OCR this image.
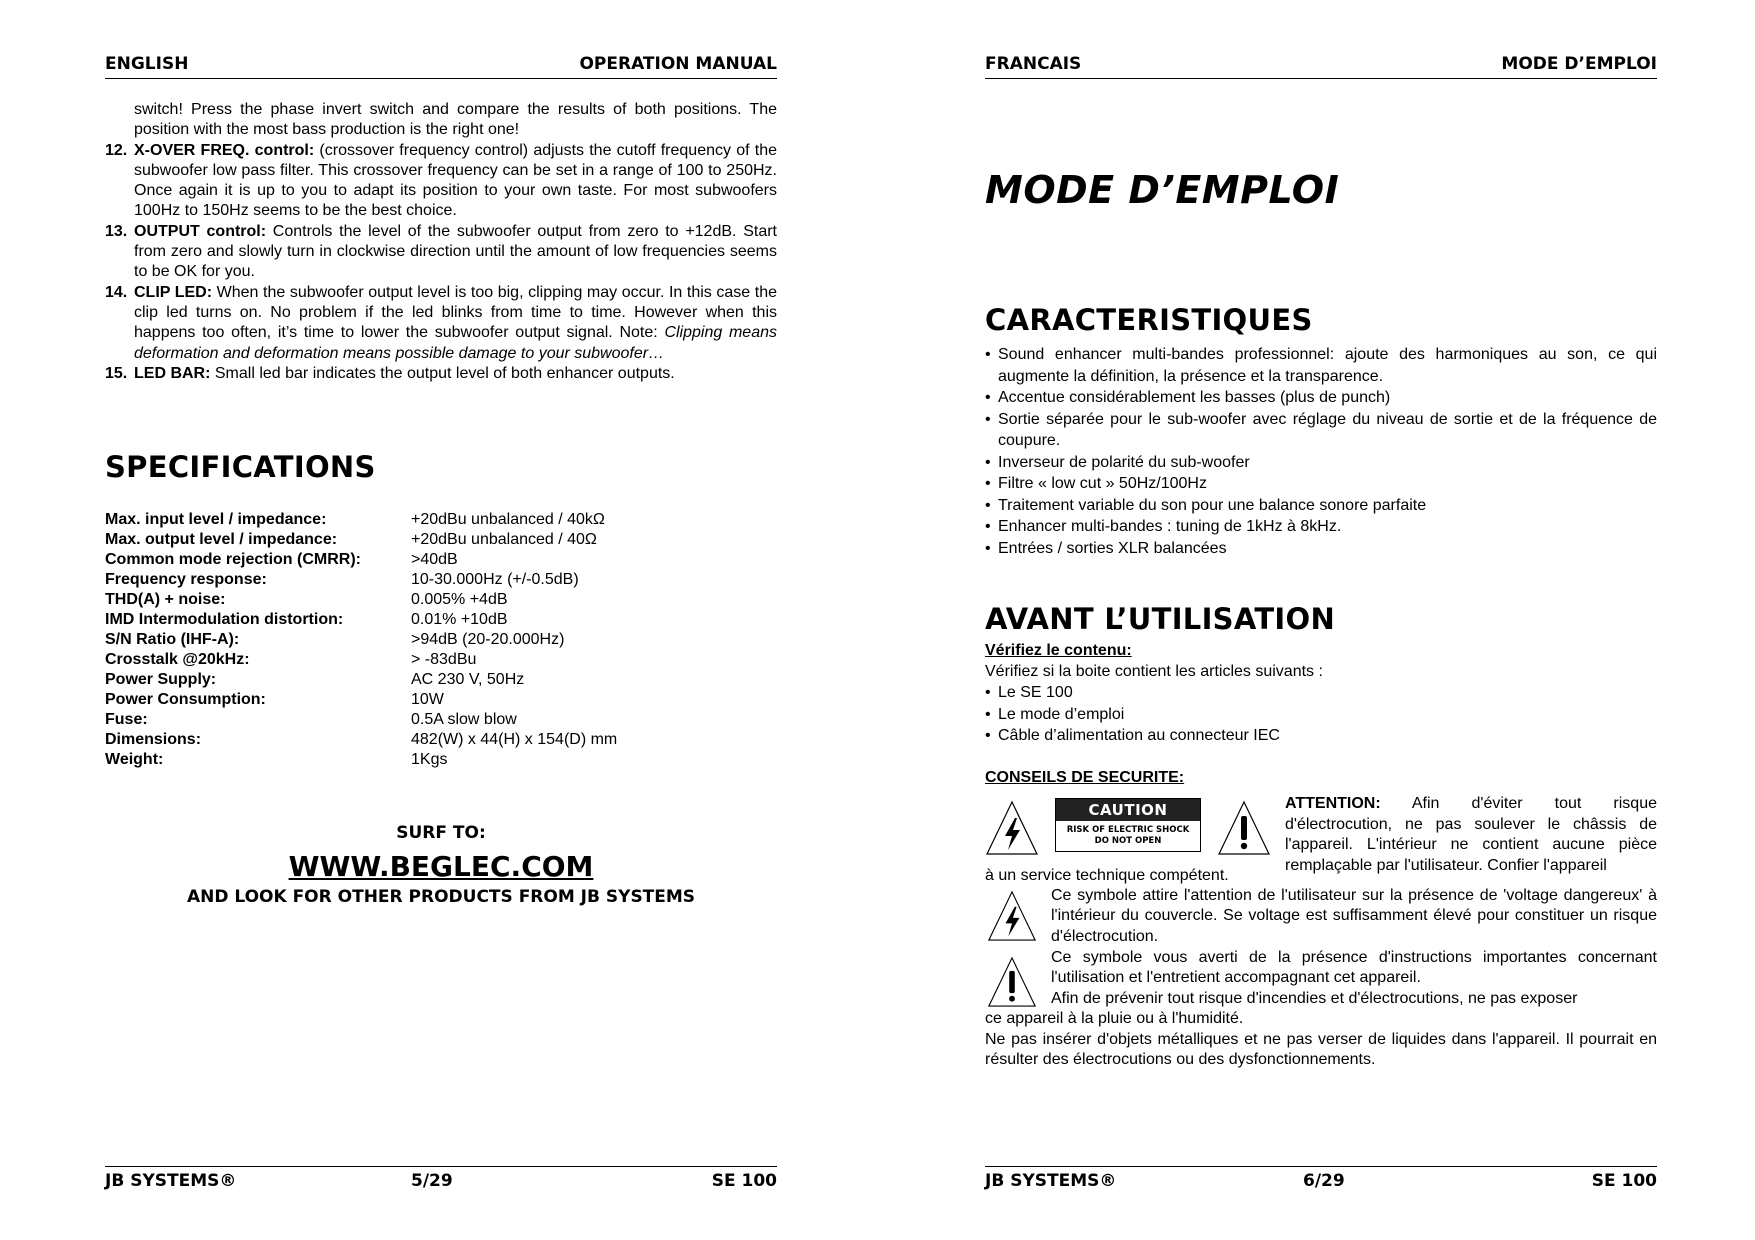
ENGLISH	OPERATION MANUAL
switch! Press the phase invert switch and compare the results of both positions. The position with the most bass production is the right one!
12. X-OVER FREQ. control: (crossover frequency control) adjusts the cutoff frequency of the subwoofer low pass filter. This crossover frequency can be set in a range of 100 to 250Hz. Once again it is up to you to adapt its position to your own taste. For most subwoofers 100Hz to 150Hz seems to be the best choice.
13. OUTPUT control: Controls the level of the subwoofer output from zero to +12dB. Start from zero and slowly turn in clockwise direction until the amount of low frequencies seems to be OK for you.
14. CLIP LED: When the subwoofer output level is too big, clipping may occur. In this case the clip led turns on. No problem if the led blinks from time to time. However when this happens too often, it’s time to lower the subwoofer output signal. Note: Clipping means deformation and deformation means possible damage to your subwoofer…
15. LED BAR: Small led bar indicates the output level of both enhancer outputs.
SPECIFICATIONS
Max. input level / impedance:	+20dBu unbalanced / 40kΩ
Max. output level / impedance:	+20dBu unbalanced / 40Ω
Common mode rejection (CMRR):	>40dB
Frequency response:	10-30.000Hz (+/-0.5dB)
THD(A) + noise:	0.005% +4dB
IMD Intermodulation distortion:	0.01% +10dB
S/N Ratio (IHF-A):	>94dB (20-20.000Hz)
Crosstalk @20kHz:	> -83dBu
Power Supply:	AC 230 V, 50Hz
Power Consumption:	10W
Fuse:	0.5A slow blow
Dimensions:	482(W) x 44(H) x 154(D) mm
Weight:	1Kgs
SURF TO:
WWW.BEGLEC.COM
AND LOOK FOR OTHER PRODUCTS FROM JB SYSTEMS
JB SYSTEMS®	5/29	SE 100
FRANCAIS	MODE D’EMPLOI
MODE D’EMPLOI
CARACTERISTIQUES
• Sound enhancer multi-bandes professionnel: ajoute des harmoniques au son, ce qui augmente la définition, la présence et la transparence.
• Accentue considérablement les basses (plus de punch)
• Sortie séparée pour le sub-woofer avec réglage du niveau de sortie et de la fréquence de coupure.
• Inverseur de polarité du sub-woofer
• Filtre « low cut » 50Hz/100Hz
• Traitement variable du son pour une balance sonore parfaite
• Enhancer multi-bandes : tuning de 1kHz à 8kHz.
• Entrées / sorties XLR balancées
AVANT L’UTILISATION
Vérifiez le contenu:
Vérifiez si la boite contient les articles suivants :
• Le SE 100
• Le mode d’emploi
• Câble d’alimentation au connecteur IEC
CONSEILS DE SECURITE:
CAUTION
RISK OF ELECTRIC SHOCK
DO NOT OPEN
ATTENTION: Afin d'éviter tout risque d'électrocution, ne pas soulever le châssis de l'appareil. L'intérieur ne contient aucune pièce remplaçable par l'utilisateur. Confier l'appareil
à un service technique compétent.
Ce symbole attire l'attention de l'utilisateur sur la présence de 'voltage dangereux' à l'intérieur du couvercle. Se voltage est suffisamment élevé pour constituer un risque d'électrocution.
Ce symbole vous averti de la présence d'instructions importantes concernant l'utilisation et l'entretient accompagnant cet appareil.
Afin de prévenir tout risque d'incendies et d'électrocutions, ne pas exposer
ce appareil à la pluie ou à l'humidité.
Ne pas insérer d'objets métalliques et ne pas verser de liquides dans l'appareil. Il pourrait en résulter des électrocutions ou des dysfonctionnements.
JB SYSTEMS®	6/29	SE 100
